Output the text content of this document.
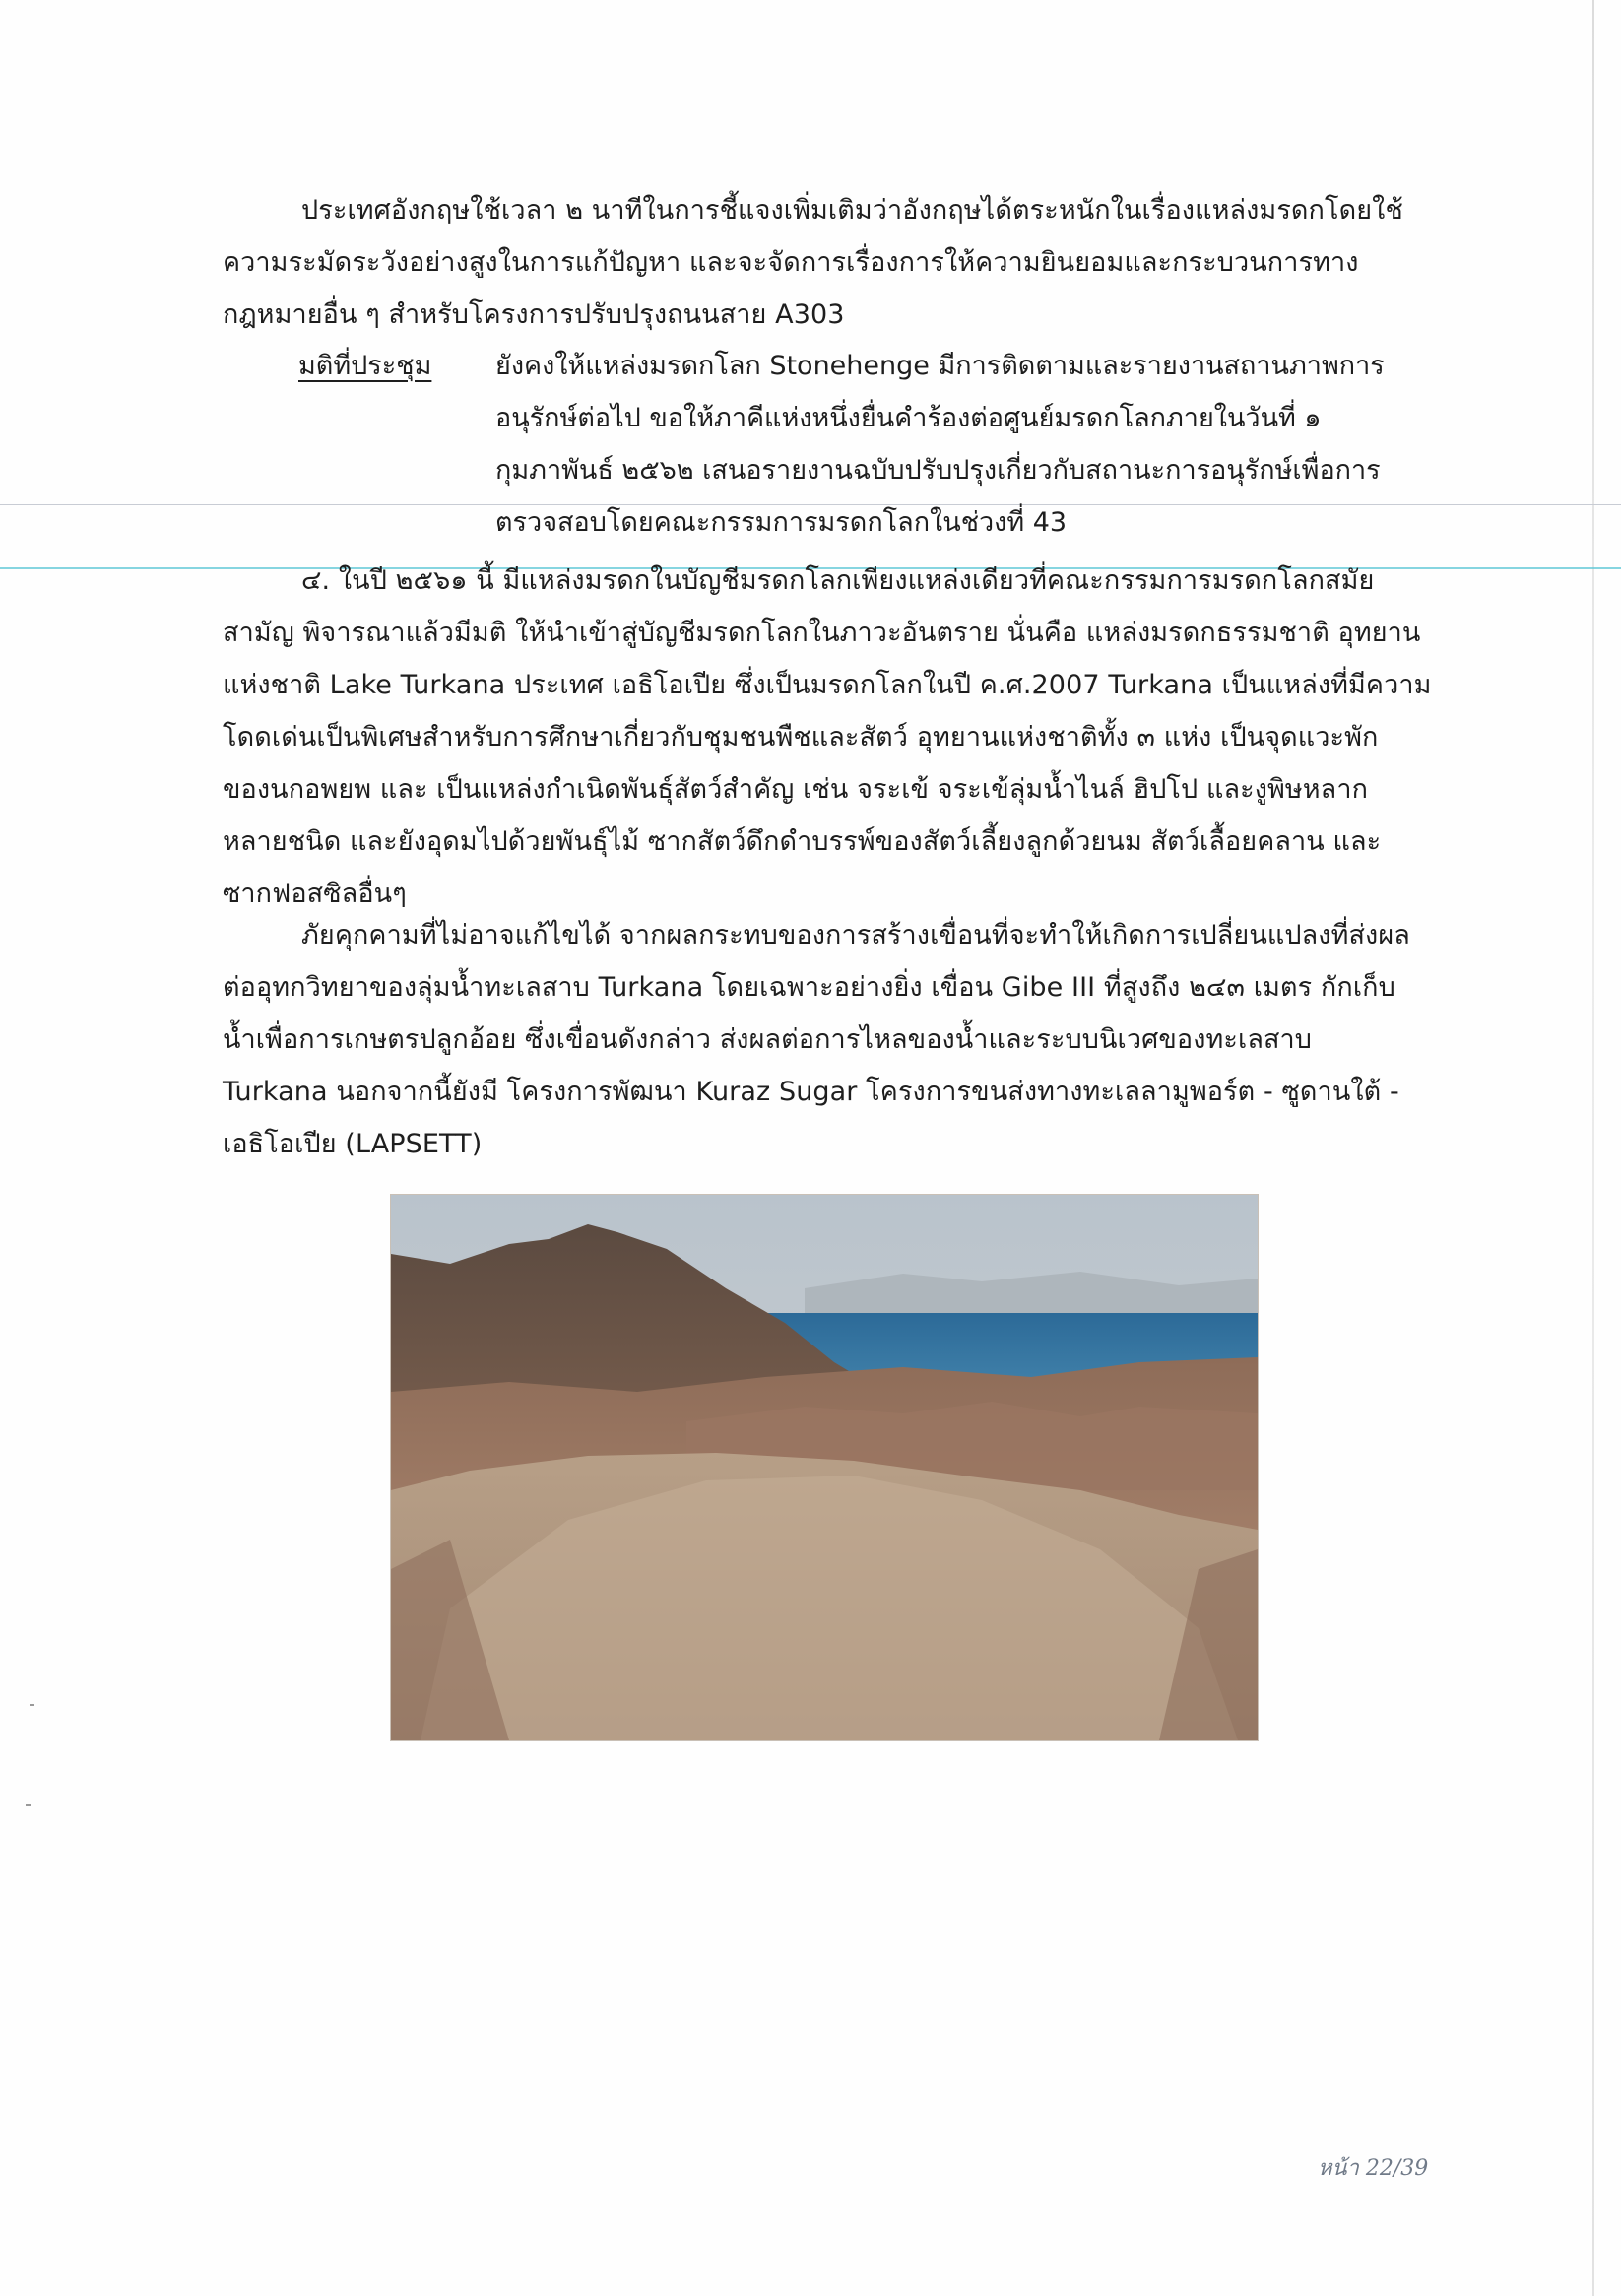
ประเทศอังกฤษใช้เวลา ๒ นาทีในการชี้แจงเพิ่มเติมว่าอังกฤษได้ตระหนักในเรื่องแหล่งมรดกโดยใช้
ความระมัดระวังอย่างสูงในการแก้ปัญหา และจะจัดการเรื่องการให้ความยินยอมและกระบวนการทาง
กฎหมายอื่น ๆ สำหรับโครงการปรับปรุงถนนสาย A303

มติที่ประชุม ยังคงให้แหล่งมรดกโลก Stonehenge มีการติดตามและรายงานสถานภาพการ
อนุรักษ์ต่อไป ขอให้ภาคีแห่งหนึ่งยื่นคำร้องต่อศูนย์มรดกโลกภายในวันที่ ๑
กุมภาพันธ์ ๒๕๖๒ เสนอรายงานฉบับปรับปรุงเกี่ยวกับสถานะการอนุรักษ์เพื่อการ
ตรวจสอบโดยคณะกรรมการมรดกโลกในช่วงที่ 43

๔. ในปี ๒๕๖๑ นี้ มีแหล่งมรดกในบัญชีมรดกโลกเพียงแหล่งเดียวที่คณะกรรมการมรดกโลกสมัย
สามัญ พิจารณาแล้วมีมติ ให้นำเข้าสู่บัญชีมรดกโลกในภาวะอันตราย นั่นคือ แหล่งมรดกธรรมชาติ อุทยาน
แห่งชาติ Lake Turkana ประเทศ เอธิโอเปีย ซึ่งเป็นมรดกโลกในปี ค.ศ.2007 Turkana เป็นแหล่งที่มีความ
โดดเด่นเป็นพิเศษสำหรับการศึกษาเกี่ยวกับชุมชนพืชและสัตว์ อุทยานแห่งชาติทั้ง ๓ แห่ง เป็นจุดแวะพัก
ของนกอพยพ และ เป็นแหล่งกำเนิดพันธุ์สัตว์สำคัญ เช่น จระเข้ จระเข้ลุ่มน้ำไนล์ ฮิปโป และงูพิษหลาก
หลายชนิด และยังอุดมไปด้วยพันธุ์ไม้ ซากสัตว์ดึกดำบรรพ์ของสัตว์เลี้ยงลูกด้วยนม สัตว์เลื้อยคลาน และ
ซากฟอสซิลอื่นๆ

ภัยคุกคามที่ไม่อาจแก้ไขได้ จากผลกระทบของการสร้างเขื่อนที่จะทำให้เกิดการเปลี่ยนแปลงที่ส่งผล
ต่ออุทกวิทยาของลุ่มน้ำทะเลสาบ Turkana โดยเฉพาะอย่างยิ่ง เขื่อน Gibe III ที่สูงถึง ๒๔๓ เมตร กักเก็บ
น้ำเพื่อการเกษตรปลูกอ้อย ซึ่งเขื่อนดังกล่าว ส่งผลต่อการไหลของน้ำและระบบนิเวศของทะเลสาบ
Turkana นอกจากนี้ยังมี โครงการพัฒนา Kuraz Sugar โครงการขนส่งทางทะเลลามูพอร์ต - ซูดานใต้ -
เอธิโอเปีย (LAPSETT)

หน้า 22/39
